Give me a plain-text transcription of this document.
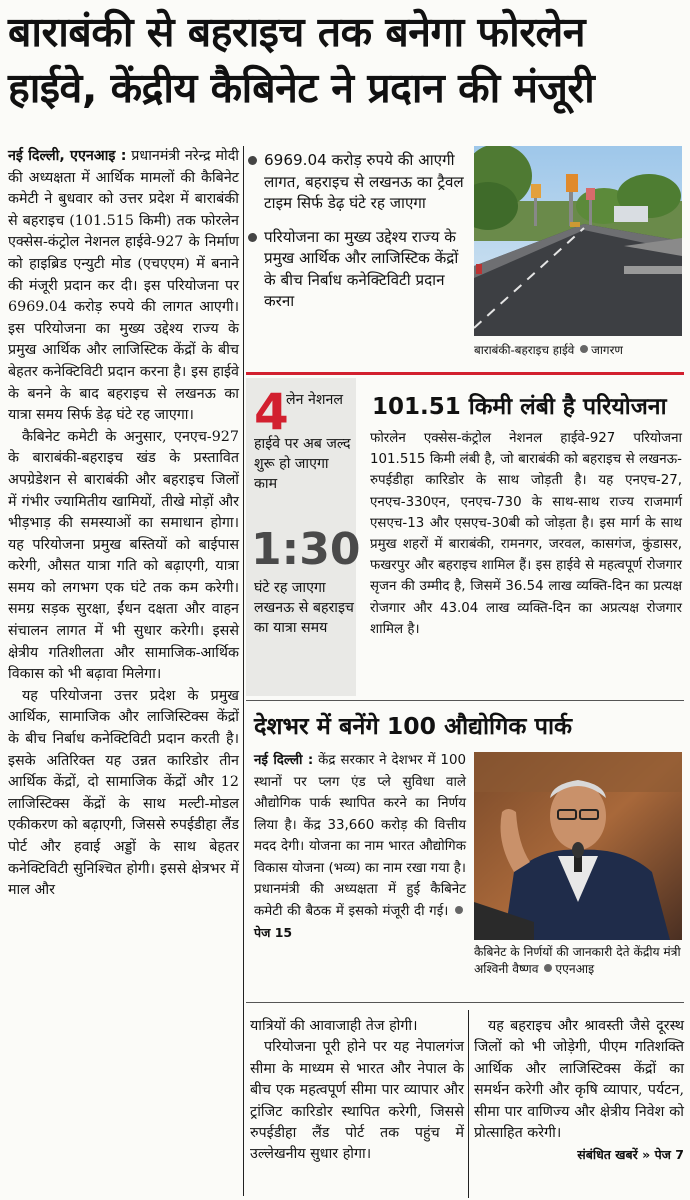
बाराबंकी से बहराइच तक बनेगा फोरलेन
हाईवे, केंद्रीय कैबिनेट ने प्रदान की मंजूरी

नई दिल्ली, एएनआइ : प्रधानमंत्री नरेन्द्र मोदी की अध्यक्षता में आर्थिक मामलों की कैबिनेट कमेटी ने बुधवार को उत्तर प्रदेश में बाराबंकी से बहराइच (101.515 किमी) तक फोरलेन एक्सेस-कंट्रोल नेशनल हाईवे-927 के निर्माण को हाइब्रिड एन्युटी मोड (एचएएम) में बनाने की मंजूरी प्रदान कर दी। इस परियोजना पर 6969.04 करोड़ रुपये की लागत आएगी। इस परियोजना का मुख्य उद्देश्य राज्य के प्रमुख आर्थिक और लाजिस्टिक केंद्रों के बीच बेहतर कनेक्टिविटी प्रदान करना है। इस हाईवे के बनने के बाद बहराइच से लखनऊ का यात्रा समय सिर्फ डेढ़ घंटे रह जाएगा।

कैबिनेट कमेटी के अनुसार, एनएच-927 के बाराबंकी-बहराइच खंड के प्रस्तावित अपग्रेडेशन से बाराबंकी और बहराइच जिलों में गंभीर ज्यामितीय खामियों, तीखे मोड़ों और भीड़भाड़ की समस्याओं का समाधान होगा। यह परियोजना प्रमुख बस्तियों को बाईपास करेगी, औसत यात्रा गति को बढ़ाएगी, यात्रा समय को लगभग एक घंटे तक कम करेगी। समग्र सड़क सुरक्षा, ईंधन दक्षता और वाहन संचालन लागत में भी सुधार करेगी। इससे क्षेत्रीय गतिशीलता और सामाजिक-आर्थिक विकास को भी बढ़ावा मिलेगा।

यह परियोजना उत्तर प्रदेश के प्रमुख आर्थिक, सामाजिक और लाजिस्टिक्स केंद्रों के बीच निर्बाध कनेक्टिविटी प्रदान करती है। इसके अतिरिक्त यह उन्नत कारिडोर तीन आर्थिक केंद्रों, दो सामाजिक केंद्रों और 12 लाजिस्टिक्स केंद्रों के साथ मल्टी-मोडल एकीकरण को बढ़ाएगी, जिससे रुपईडीहा लैंड पोर्ट और हवाई अड्डों के साथ बेहतर कनेक्टिविटी सुनिश्चित होगी। इससे क्षेत्रभर में माल और

6969.04 करोड़ रुपये की आएगी लागत, बहराइच से लखनऊ का ट्रैवल टाइम सिर्फ डेढ़ घंटे रह जाएगा
परियोजना का मुख्य उद्देश्य राज्य के प्रमुख आर्थिक और लाजिस्टिक केंद्रों के बीच निर्बाध कनेक्टिविटी प्रदान करना
बाराबंकी-बहराइच हाईवे जागरण
4
लेन नेशनल
हाईवे पर अब जल्द शुरू हो जाएगा काम
1:30
घंटे रह जाएगा लखनऊ से बहराइच का यात्रा समय
101.51 किमी लंबी है परियोजना
फोरलेन एक्सेस-कंट्रोल नेशनल हाईवे-927 परियोजना 101.515 किमी लंबी है, जो बाराबंकी को बहराइच से लखनऊ-रुपईडीहा कारिडोर के साथ जोड़ती है। यह एनएच-27, एनएच-330एन, एनएच-730 के साथ-साथ राज्य राजमार्ग एसएच-13 और एसएच-30बी को जोड़ता है। इस मार्ग के साथ प्रमुख शहरों में बाराबंकी, रामनगर, जरवल, कासगंज, कुंडासर, फखरपुर और बहराइच शामिल हैं। इस हाईवे से महत्वपूर्ण रोजगार सृजन की उम्मीद है, जिसमें 36.54 लाख व्यक्ति-दिन का प्रत्यक्ष रोजगार और 43.04 लाख व्यक्ति-दिन का अप्रत्यक्ष रोजगार शामिल है।
देशभर में बनेंगे 100 औद्योगिक पार्क
नई दिल्ली : केंद्र सरकार ने देशभर में 100 स्थानों पर प्लग एंड प्ले सुविधा वाले औद्योगिक पार्क स्थापित करने का निर्णय लिया है। केंद्र 33,660 करोड़ की वित्तीय मदद देगी। योजना का नाम भारत औद्योगिक विकास योजना (भव्य) का नाम रखा गया है। प्रधानमंत्री की अध्यक्षता में हुई कैबिनेट कमेटी की बैठक में इसको मंजूरी दी गई। पेज 15
कैबिनेट के निर्णयों की जानकारी देते केंद्रीय मंत्री अश्विनी वैष्णव एएनआइ

यात्रियों की आवाजाही तेज होगी।

परियोजना पूरी होने पर यह नेपालगंज सीमा के माध्यम से भारत और नेपाल के बीच एक महत्वपूर्ण सीमा पार व्यापार और ट्रांजिट कारिडोर स्थापित करेगी, जिससे रुपईडीहा लैंड पोर्ट तक पहुंच में उल्लेखनीय सुधार होगा।

यह बहराइच और श्रावस्ती जैसे दूरस्थ जिलों को भी जोड़ेगी, पीएम गतिशक्ति आर्थिक और लाजिस्टिक्स केंद्रों का समर्थन करेगी और कृषि व्यापार, पर्यटन, सीमा पार वाणिज्य और क्षेत्रीय निवेश को प्रोत्साहित करेगी।

संबंधित खबरें » पेज 7
